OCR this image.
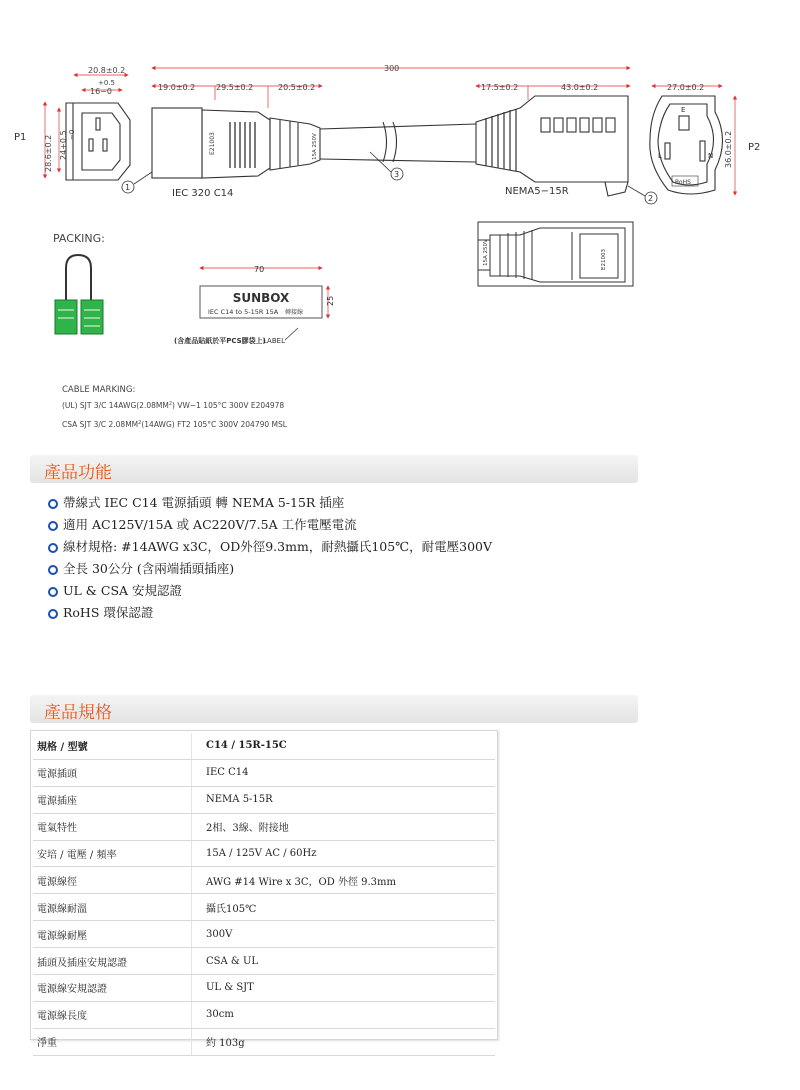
20.8±0.2
+0.5
16−0	19.0±0.2	29.5±0.2	20.5±0.2
300
17.5±0.2	43.0±0.2	27.0±0.2
28.6±0.2 24+0.5 −0	36.0±0.2
P1	E21003	15A 250V
E
L	N
RoHS
P2
1
3
2
IEC 320 C14	NEMA5−15R
PACKING:
70
25
SUNBOX
IEC C14 to 5-15R 15A 轉接線
(含產品貼紙於平PCS膠袋上)
LABEL
15A 250V	E21003
CABLE MARKING:
(UL) SJT 3/C $14AWG(2.08MM^2)$ VW−1 105°C 300V E204978
CSA SJT 3/C $2.08MM^2(14AWG)$ FT2 105°C 300V 204790 MSL
產品功能
帶線式 IEC C14 電源插頭 轉 NEMA 5-15R 插座
適用 AC125V/15A 或 AC220V/7.5A 工作電壓電流
線材規格: #14AWG x3C，OD外徑9.3mm，耐熱攝氏105℃，耐電壓300V
全長 30公分 (含兩端插頭插座)
UL & CSA 安規認證
RoHS 環保認證
產品規格
規格 / 型號	C14 / 15R-15C
電源插頭	IEC C14
電源插座	NEMA 5-15R
電氣特性	2相、3線、附接地
安培 / 電壓 / 頻率	15A / 125V AC / 60Hz
電源線徑	AWG #14 Wire x 3C，OD 外徑 9.3mm
電源線耐溫	攝氏105℃
電源線耐壓	300V
插頭及插座安規認證	CSA & UL
電源線安規認證	UL & SJT
電源線長度	30cm
淨重	約 103g
